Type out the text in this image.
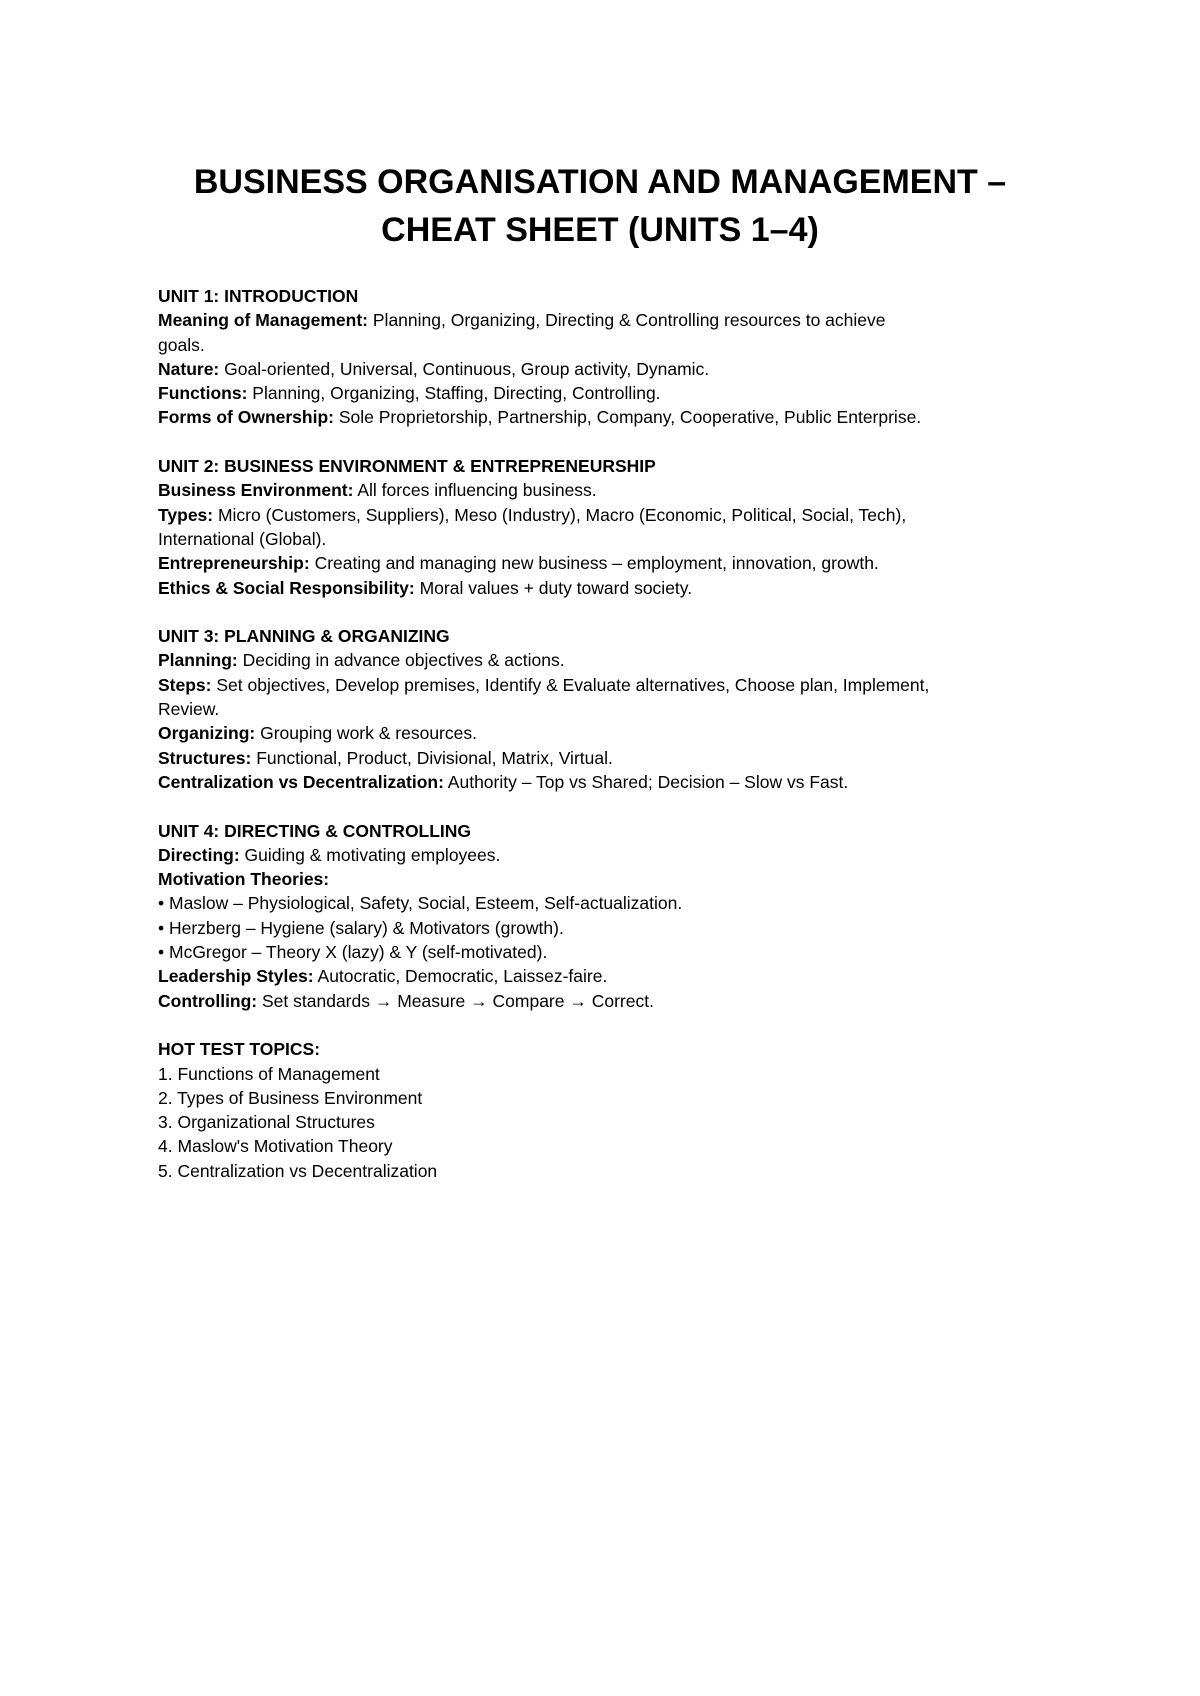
BUSINESS ORGANISATION AND MANAGEMENT –
CHEAT SHEET (UNITS 1–4)
UNIT 1: INTRODUCTION
Meaning of Management: Planning, Organizing, Directing & Controlling resources to achieve
goals.
Nature: Goal-oriented, Universal, Continuous, Group activity, Dynamic.
Functions: Planning, Organizing, Staffing, Directing, Controlling.
Forms of Ownership: Sole Proprietorship, Partnership, Company, Cooperative, Public Enterprise.
UNIT 2: BUSINESS ENVIRONMENT & ENTREPRENEURSHIP
Business Environment: All forces influencing business.
Types: Micro (Customers, Suppliers), Meso (Industry), Macro (Economic, Political, Social, Tech),
International (Global).
Entrepreneurship: Creating and managing new business – employment, innovation, growth.
Ethics & Social Responsibility: Moral values + duty toward society.
UNIT 3: PLANNING & ORGANIZING
Planning: Deciding in advance objectives & actions.
Steps: Set objectives, Develop premises, Identify & Evaluate alternatives, Choose plan, Implement,
Review.
Organizing: Grouping work & resources.
Structures: Functional, Product, Divisional, Matrix, Virtual.
Centralization vs Decentralization: Authority – Top vs Shared; Decision – Slow vs Fast.
UNIT 4: DIRECTING & CONTROLLING
Directing: Guiding & motivating employees.
Motivation Theories:
• Maslow – Physiological, Safety, Social, Esteem, Self-actualization.
• Herzberg – Hygiene (salary) & Motivators (growth).
• McGregor – Theory X (lazy) & Y (self-motivated).
Leadership Styles: Autocratic, Democratic, Laissez-faire.
Controlling: Set standards → Measure → Compare → Correct.
HOT TEST TOPICS:
1. Functions of Management
2. Types of Business Environment
3. Organizational Structures
4. Maslow's Motivation Theory
5. Centralization vs Decentralization
